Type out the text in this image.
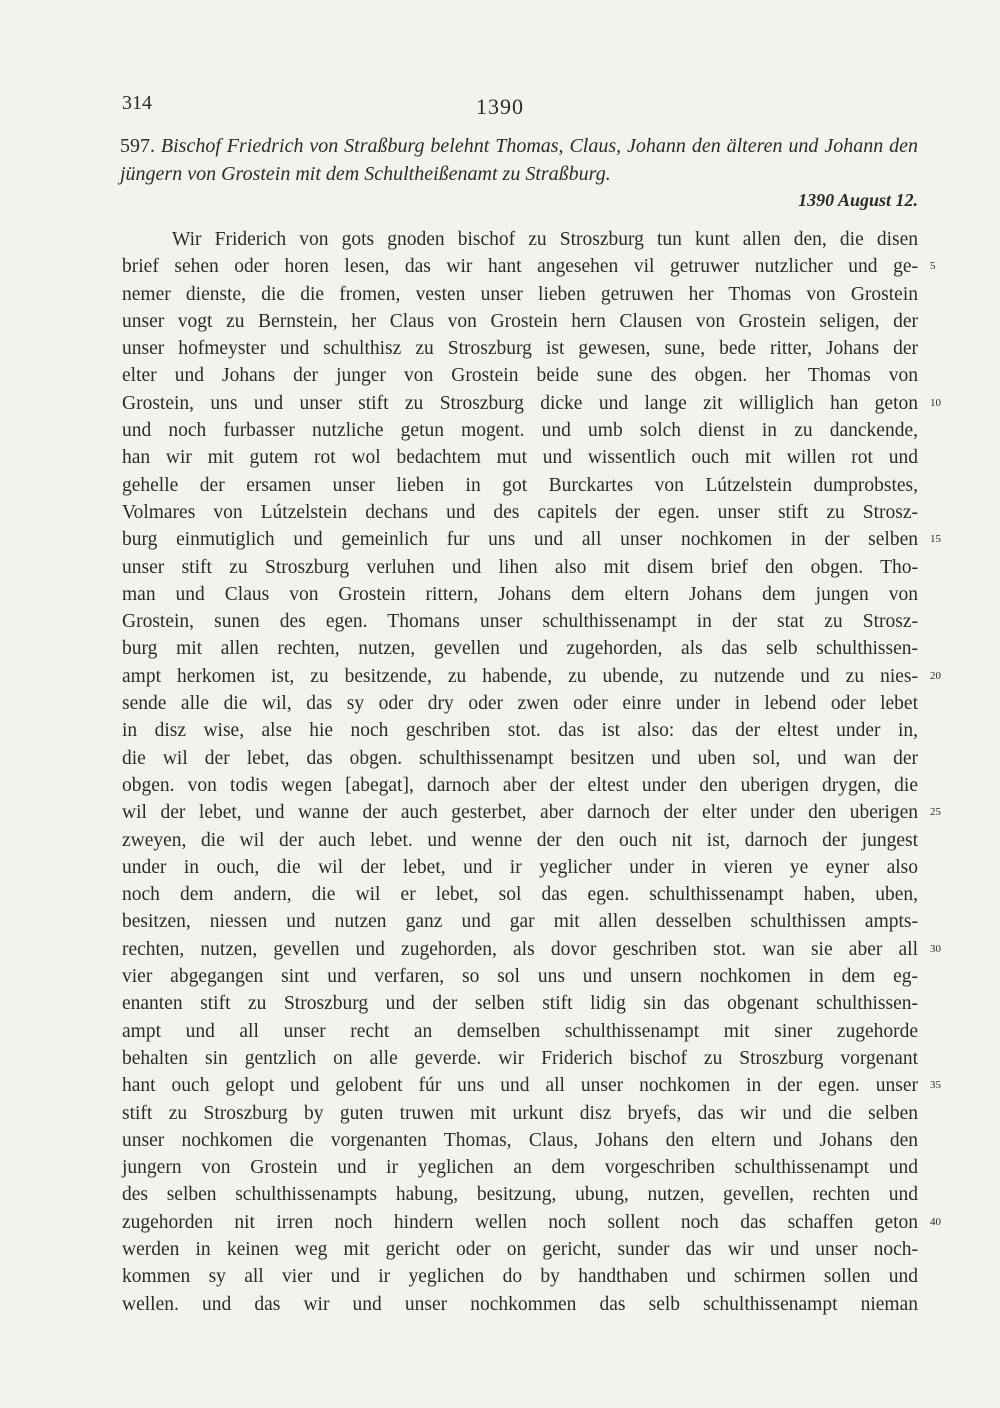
314	1390
597. Bischof Friedrich von Straßburg belehnt Thomas, Claus, Johann den älteren und Johann den jüngern von Grostein mit dem Schultheißenamt zu Straßburg.
1390 August 12.
Wir Friderich von gots gnoden bischof zu Stroszburg tun kunt allen den, die disen
brief sehen oder horen lesen, das wir hant angesehen vil getruwer nutzlicher und ge- 5
nemer dienste, die die fromen, vesten unser lieben getruwen her Thomas von Grostein
unser vogt zu Bernstein, her Claus von Grostein hern Clausen von Grostein seligen, der
unser hofmeyster und schulthisz zu Stroszburg ist gewesen, sune, bede ritter, Johans der
elter und Johans der junger von Grostein beide sune des obgen. her Thomas von
Grostein, uns und unser stift zu Stroszburg dicke und lange zit williglich han geton 10
und noch furbasser nutzliche getun mogent. und umb solch dienst in zu danckende,
han wir mit gutem rot wol bedachtem mut und wissentlich ouch mit willen rot und
gehelle der ersamen unser lieben in got Burckartes von Lútzelstein dumprobstes,
Volmares von Lútzelstein dechans und des capitels der egen. unser stift zu Strosz-
burg einmutiglich und gemeinlich fur uns und all unser nochkomen in der selben 15
unser stift zu Stroszburg verluhen und lihen also mit disem brief den obgen. Tho-
man und Claus von Grostein rittern, Johans dem eltern Johans dem jungen von
Grostein, sunen des egen. Thomans unser schulthissenampt in der stat zu Strosz-
burg mit allen rechten, nutzen, gevellen und zugehorden, als das selb schulthissen-
ampt herkomen ist, zu besitzende, zu habende, zu ubende, zu nutzende und zu nies- 20
sende alle die wil, das sy oder dry oder zwen oder einre under in lebend oder lebet
in disz wise, alse hie noch geschriben stot. das ist also: das der eltest under in,
die wil der lebet, das obgen. schulthissenampt besitzen und uben sol, und wan der
obgen. von todis wegen [abegat], darnoch aber der eltest under den uberigen drygen, die
wil der lebet, und wanne der auch gesterbet, aber darnoch der elter under den uberigen 25
zweyen, die wil der auch lebet. und wenne der den ouch nit ist, darnoch der jungest
under in ouch, die wil der lebet, und ir yeglicher under in vieren ye eyner also
noch dem andern, die wil er lebet, sol das egen. schulthissenampt haben, uben,
besitzen, niessen und nutzen ganz und gar mit allen desselben schulthissen ampts-
rechten, nutzen, gevellen und zugehorden, als dovor geschriben stot. wan sie aber all 30
vier abgegangen sint und verfaren, so sol uns und unsern nochkomen in dem eg-
enanten stift zu Stroszburg und der selben stift lidig sin das obgenant schulthissen-
ampt und all unser recht an demselben schulthissenampt mit siner zugehorde
behalten sin gentzlich on alle geverde. wir Friderich bischof zu Stroszburg vorgenant
hant ouch gelopt und gelobent fúr uns und all unser nochkomen in der egen. unser 35
stift zu Stroszburg by guten truwen mit urkunt disz bryefs, das wir und die selben
unser nochkomen die vorgenanten Thomas, Claus, Johans den eltern und Johans den
jungern von Grostein und ir yeglichen an dem vorgeschriben schulthissenampt und
des selben schulthissenampts habung, besitzung, ubung, nutzen, gevellen, rechten und
zugehorden nit irren noch hindern wellen noch sollent noch das schaffen geton 40
werden in keinen weg mit gericht oder on gericht, sunder das wir und unser noch-
kommen sy all vier und ir yeglichen do by handthaben und schirmen sollen und
wellen. und das wir und unser nochkommen das selb schulthissenampt nieman
